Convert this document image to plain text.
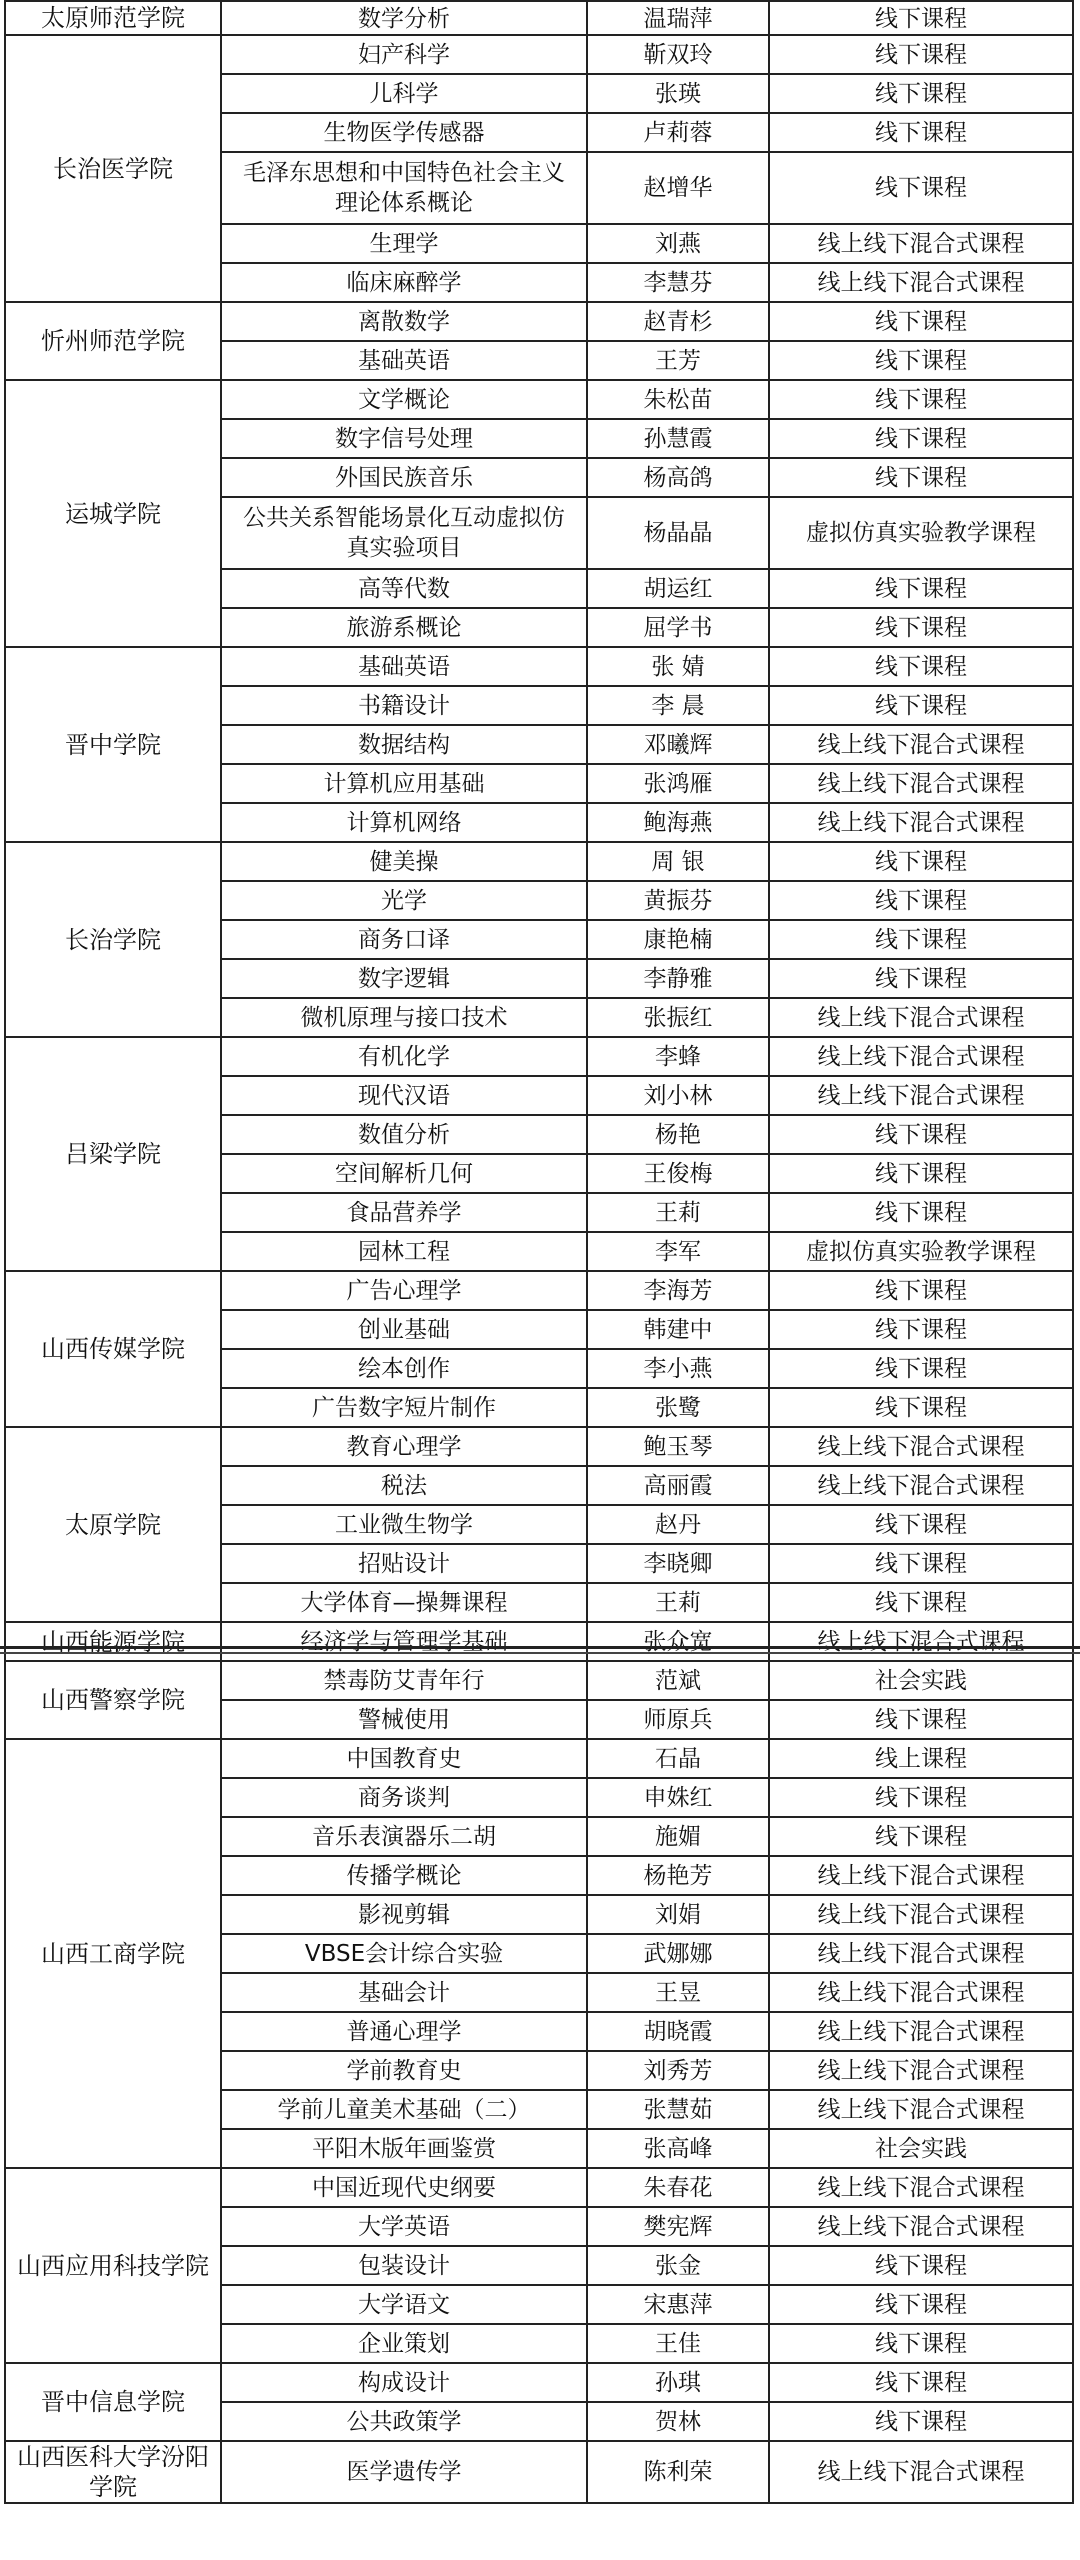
太原师范学院	数学分析	温瑞萍	线下课程
长治医学院	妇产科学	靳双玲	线下课程
	儿科学	张瑛	线下课程
	生物医学传感器	卢莉蓉	线下课程
	毛泽东思想和中国特色社会主义
理论体系概论	赵增华	线下课程
	生理学	刘燕	线上线下混合式课程
	临床麻醉学	李慧芬	线上线下混合式课程
忻州师范学院	离散数学	赵青杉	线下课程
	基础英语	王芳	线下课程
运城学院	文学概论	朱松苗	线下课程
	数字信号处理	孙慧霞	线下课程
	外国民族音乐	杨高鸽	线下课程
	公共关系智能场景化互动虚拟仿
真实验项目	杨晶晶	虚拟仿真实验教学课程
	高等代数	胡运红	线下课程
	旅游系概论	屈学书	线下课程
晋中学院	基础英语	张 婧	线下课程
	书籍设计	李 晨	线下课程
	数据结构	邓曦辉	线上线下混合式课程
	计算机应用基础	张鸿雁	线上线下混合式课程
	计算机网络	鲍海燕	线上线下混合式课程
长治学院	健美操	周 银	线下课程
	光学	黄振芬	线下课程
	商务口译	康艳楠	线下课程
	数字逻辑	李静雅	线下课程
	微机原理与接口技术	张振红	线上线下混合式课程
吕梁学院	有机化学	李蜂	线上线下混合式课程
	现代汉语	刘小林	线上线下混合式课程
	数值分析	杨艳	线下课程
	空间解析几何	王俊梅	线下课程
	食品营养学	王莉	线下课程
	园林工程	李军	虚拟仿真实验教学课程
山西传媒学院	广告心理学	李海芳	线下课程
	创业基础	韩建中	线下课程
	绘本创作	李小燕	线下课程
	广告数字短片制作	张鹭	线下课程
太原学院	教育心理学	鲍玉琴	线上线下混合式课程
	税法	高丽霞	线上线下混合式课程
	工业微生物学	赵丹	线下课程
	招贴设计	李晓卿	线下课程
	大学体育—操舞课程	王莉	线下课程
山西能源学院	经济学与管理学基础	张众宽	线上线下混合式课程
山西警察学院	禁毒防艾青年行	范斌	社会实践
	警械使用	师原兵	线下课程
山西工商学院	中国教育史	石晶	线上课程
	商务谈判	申姝红	线下课程
	音乐表演器乐二胡	施媚	线下课程
	传播学概论	杨艳芳	线上线下混合式课程
	影视剪辑	刘娟	线上线下混合式课程
	VBSE会计综合实验	武娜娜	线上线下混合式课程
	基础会计	王昱	线上线下混合式课程
	普通心理学	胡晓霞	线上线下混合式课程
	学前教育史	刘秀芳	线上线下混合式课程
	学前儿童美术基础（二）	张慧茹	线上线下混合式课程
	平阳木版年画鉴赏	张高峰	社会实践
山西应用科技学院	中国近现代史纲要	朱春花	线上线下混合式课程
	大学英语	樊宪辉	线上线下混合式课程
	包装设计	张金	线下课程
	大学语文	宋惠萍	线下课程
	企业策划	王佳	线下课程
晋中信息学院	构成设计	孙琪	线下课程
	公共政策学	贺林	线下课程
山西医科大学汾阳
学院	医学遗传学	陈利荣	线上线下混合式课程
